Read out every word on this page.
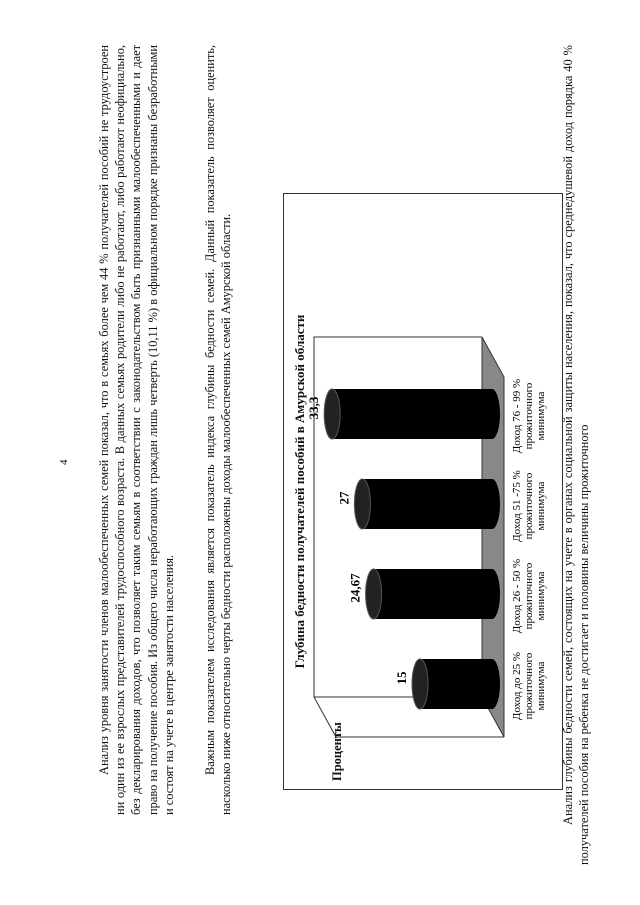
4 Анализ уровня занятости членов малообеспеченных семей показал, что в семьях более чем 44 % получателей пособий не трудоустроен ни один из ее взрослых представителей трудоспособного возраста. В данных семьях родители либо не работают, либо работают неофициально, без декларирования доходов, что позволяет таким семьям в соответствии с законодательством быть признанными малообеспеченными и дает право на получение пособия. Из общего числа неработающих граждан лишь четверть (10,11 %) в официальном порядке признаны безработными и состоят на учете в центре занятости населения. Важным показателем исследования является показатель индекса глубины бедности семей. Данный показатель позволяет оценить, насколько ниже относительно черты бедности расположены доходы малообеспеченных семей Амурской области.	Глубина бедности получателей пособий в Амурской области
Проценты
15	Доход до 25 % прожиточного минимума
24,67	Доход 26 - 50 % прожиточного минимума
27	Доход 51 -75 % прожиточного минимума
33,3	Доход 76 - 99 % прожиточного минимума Анализ глубины бедности семей, состоящих на учете в органах социальной защиты населения, показал, что среднедушевой доход порядка 40 % получателей пособия на ребенка не достигает и половины величины прожиточного
